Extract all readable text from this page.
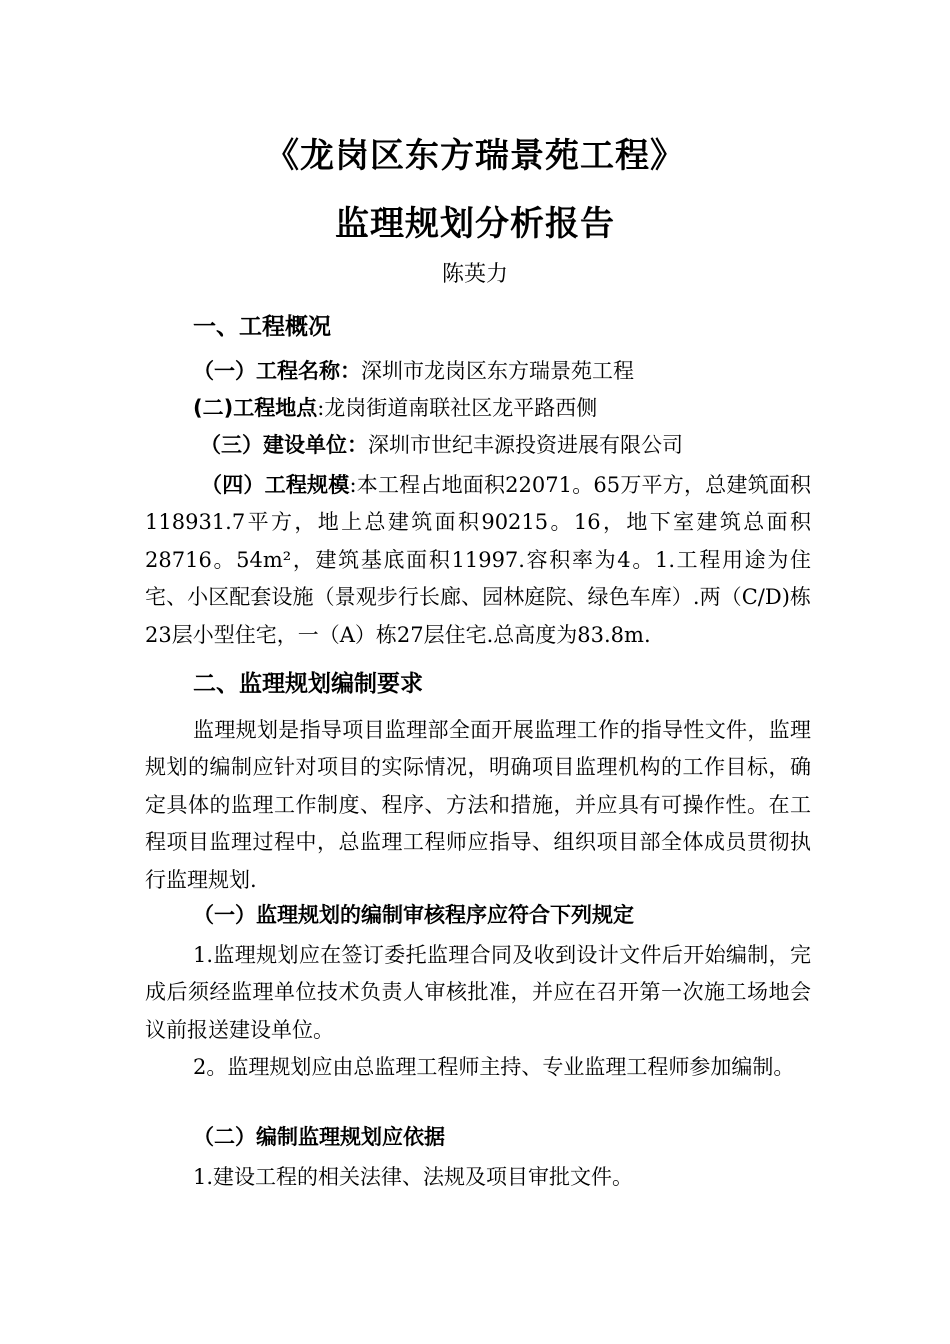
《龙岗区东方瑞景苑工程》
监理规划分析报告
陈英力
一、工程概况
（一）工程名称：深圳市龙岗区东方瑞景苑工程
(二)工程地点:龙岗街道南联社区龙平路西侧
（三）建设单位：深圳市世纪丰源投资进展有限公司

（四）工程规模:本工程占地面积22071。65万平方，总建筑面积118931.7平方，地上总建筑面积90215。16，地下室建筑总面积28716。54m²，建筑基底面积11997.容积率为4。1.工程用途为住宅、小区配套设施（景观步行长廊、园林庭院、绿色车库）.两（C/D)栋23层小型住宅，一（A）栋27层住宅.总高度为83.8m.

二、监理规划编制要求

监理规划是指导项目监理部全面开展监理工作的指导性文件，监理规划的编制应针对项目的实际情况，明确项目监理机构的工作目标，确定具体的监理工作制度、程序、方法和措施，并应具有可操作性。在工程项目监理过程中，总监理工程师应指导、组织项目部全体成员贯彻执行监理规划.

（一）监理规划的编制审核程序应符合下列规定

1.监理规划应在签订委托监理合同及收到设计文件后开始编制，完成后须经监理单位技术负责人审核批准，并应在召开第一次施工场地会议前报送建设单位。

2。监理规划应由总监理工程师主持、专业监理工程师参加编制。

（二）编制监理规划应依据

1.建设工程的相关法律、法规及项目审批文件。
